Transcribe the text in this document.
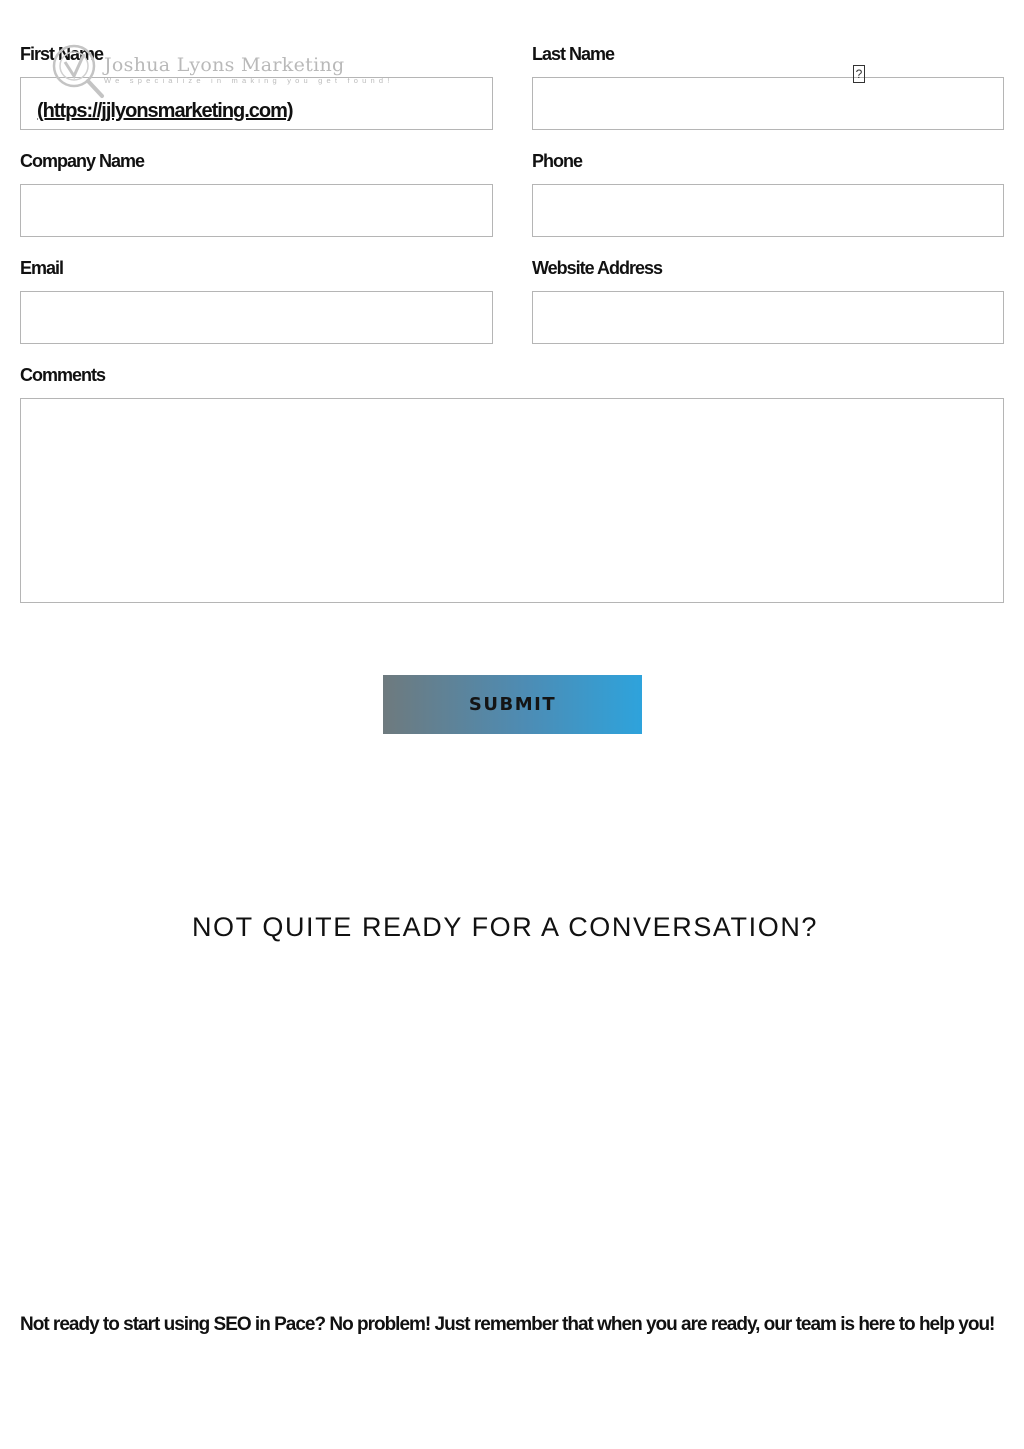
First Name	Last Name
Joshua Lyons Marketing
We specialize in making you get found!
(https://jjlyonsmarketing.com)
?
Company Name	Phone
Email	Website Address
Comments
SUBMIT
NOT QUITE READY FOR A CONVERSATION?
Not ready to start using SEO in Pace? No problem! Just remember that when you are ready, our team is here to help you!
